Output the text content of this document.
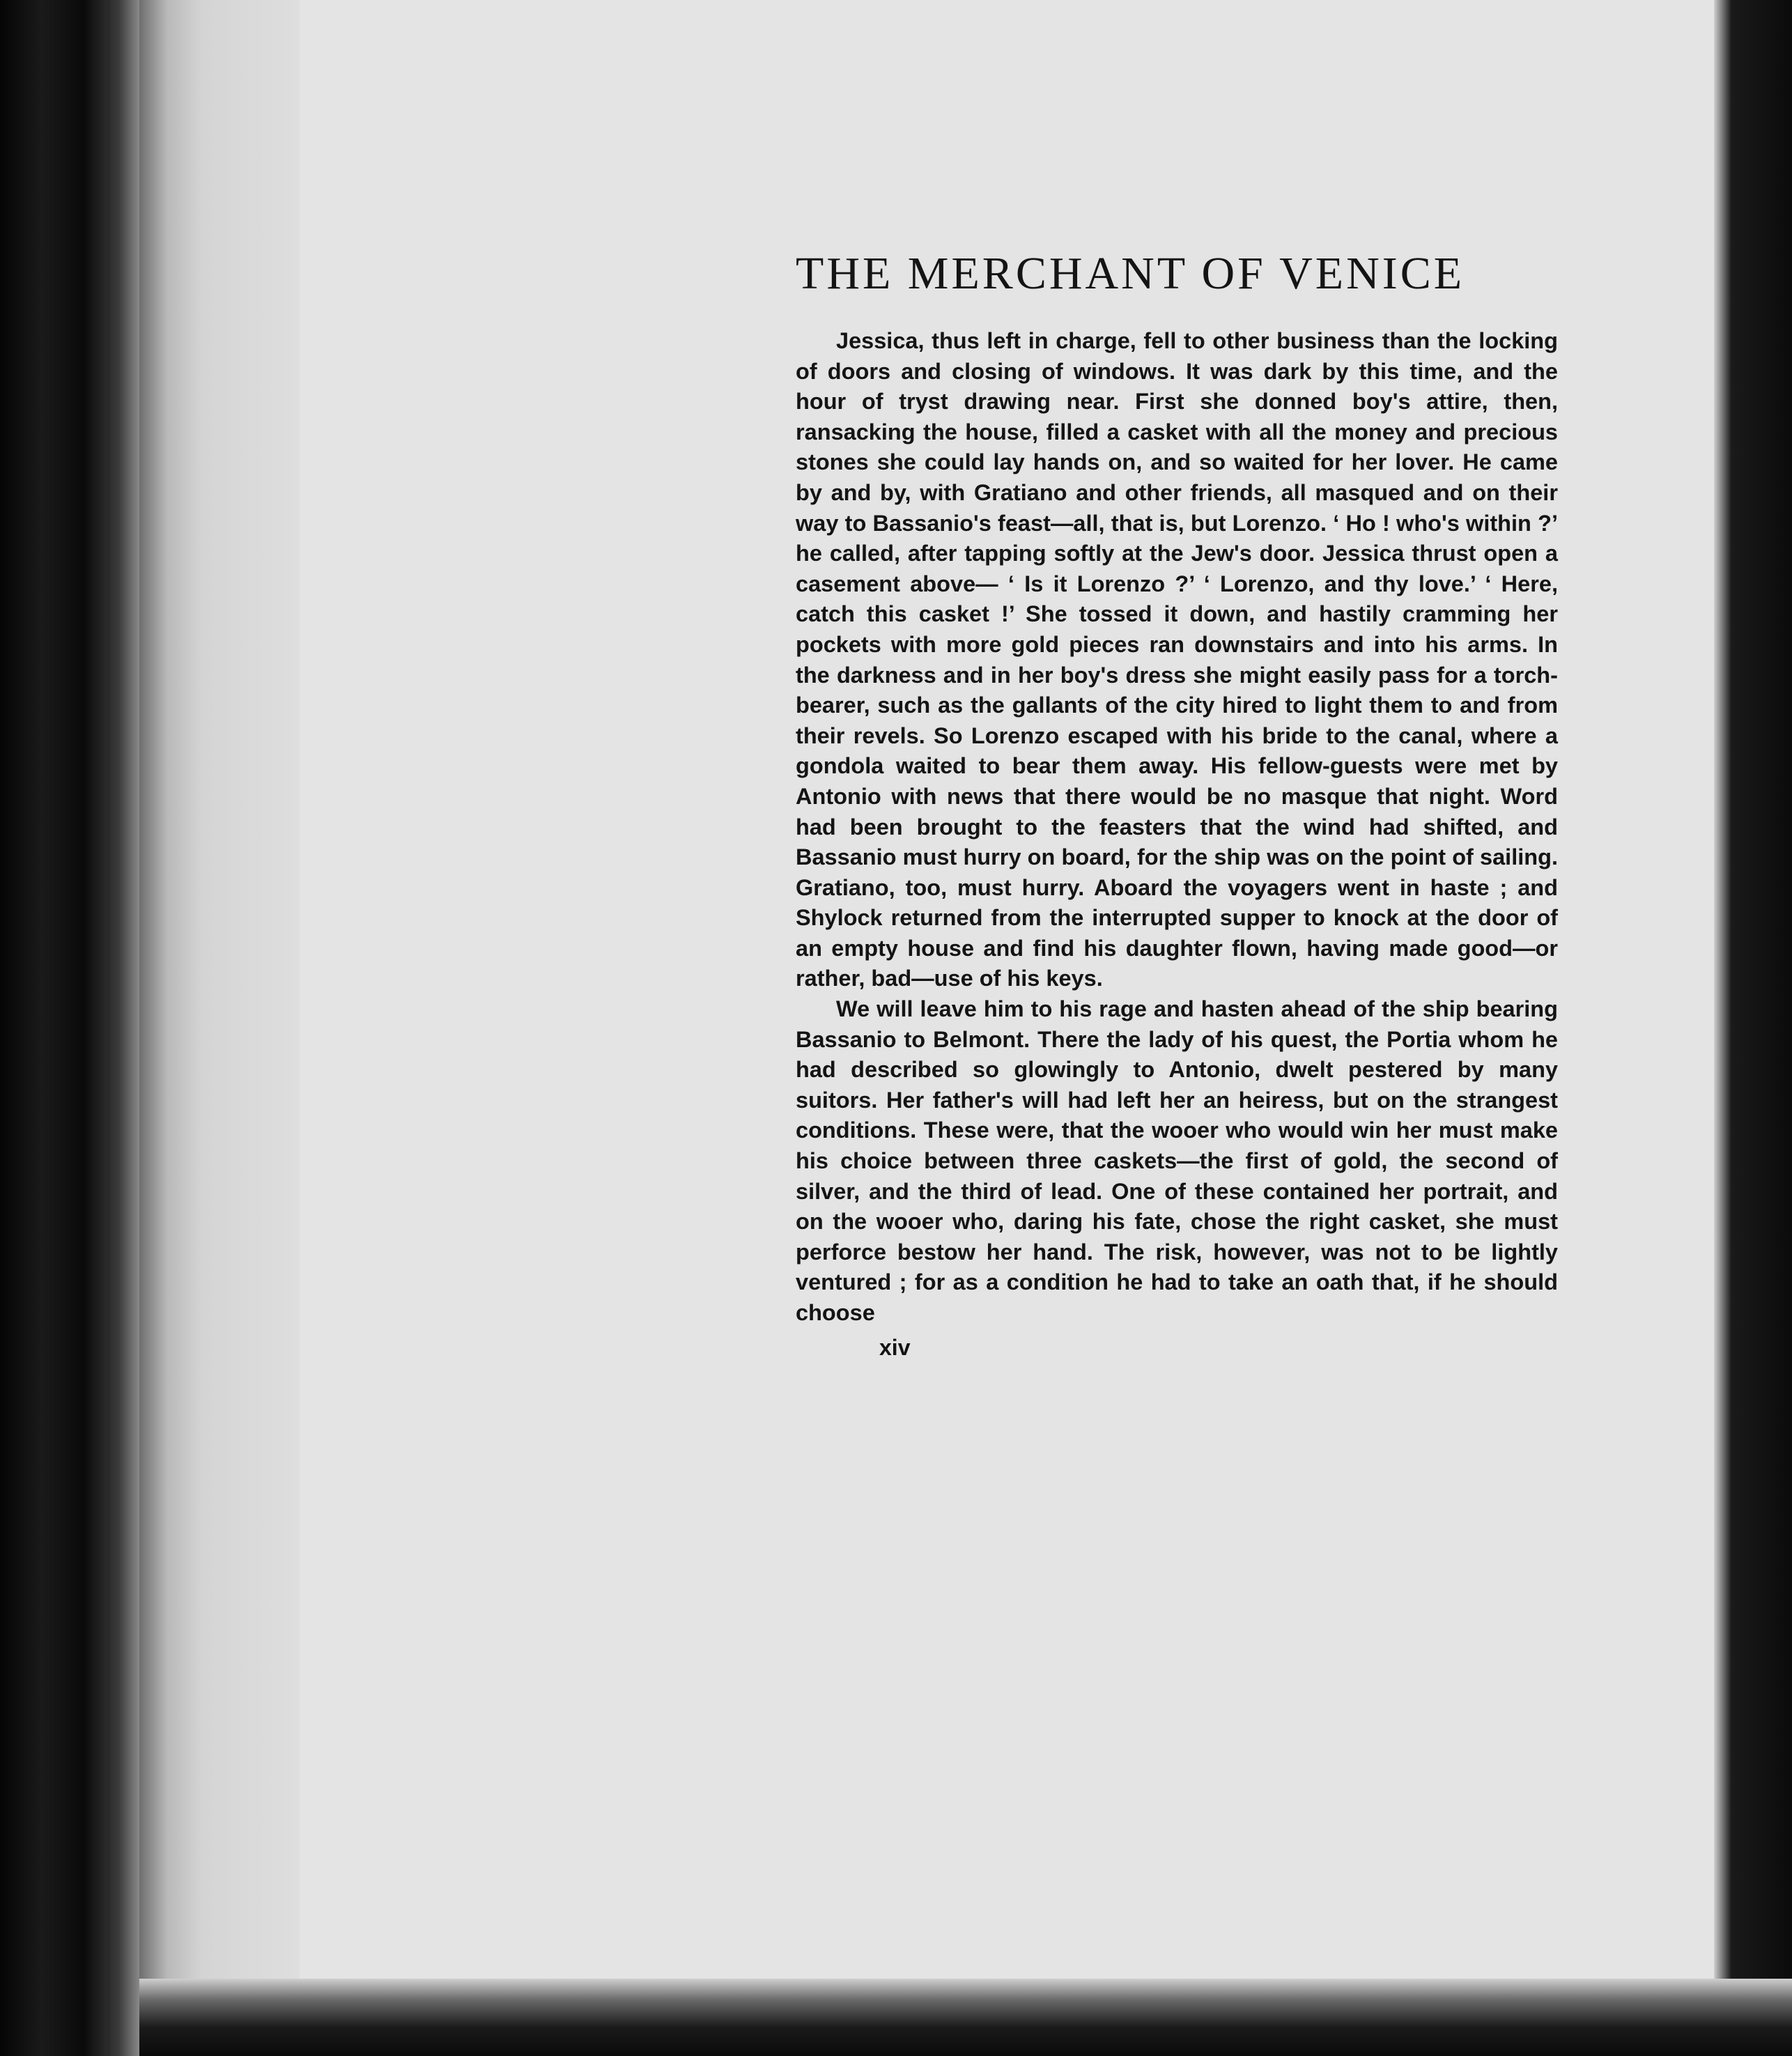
THE MERCHANT OF VENICE

Jessica, thus left in charge, fell to other business than the locking of doors and closing of windows. It was dark by this time, and the hour of tryst drawing near. First she donned boy's attire, then, ransacking the house, filled a casket with all the money and precious stones she could lay hands on, and so waited for her lover. He came by and by, with Gratiano and other friends, all masqued and on their way to Bassanio's feast—all, that is, but Lorenzo. ‘ Ho ! who's within ?’ he called, after tapping softly at the Jew's door. Jessica thrust open a casement above— ‘ Is it Lorenzo ?’ ‘ Lorenzo, and thy love.’ ‘ Here, catch this casket !’ She tossed it down, and hastily cramming her pockets with more gold pieces ran downstairs and into his arms. In the darkness and in her boy's dress she might easily pass for a torch-bearer, such as the gallants of the city hired to light them to and from their revels. So Lorenzo escaped with his bride to the canal, where a gondola waited to bear them away. His fellow-guests were met by Antonio with news that there would be no masque that night. Word had been brought to the feasters that the wind had shifted, and Bassanio must hurry on board, for the ship was on the point of sailing. Gratiano, too, must hurry. Aboard the voyagers went in haste ; and Shylock returned from the interrupted supper to knock at the door of an empty house and find his daughter flown, having made good—or rather, bad—use of his keys.

We will leave him to his rage and hasten ahead of the ship bearing Bassanio to Belmont. There the lady of his quest, the Portia whom he had described so glowingly to Antonio, dwelt pestered by many suitors. Her father's will had left her an heiress, but on the strangest conditions. These were, that the wooer who would win her must make his choice between three caskets—the first of gold, the second of silver, and the third of lead. One of these contained her portrait, and on the wooer who, daring his fate, chose the right casket, she must perforce bestow her hand. The risk, however, was not to be lightly ventured ; for as a condition he had to take an oath that, if he should choose

xiv
